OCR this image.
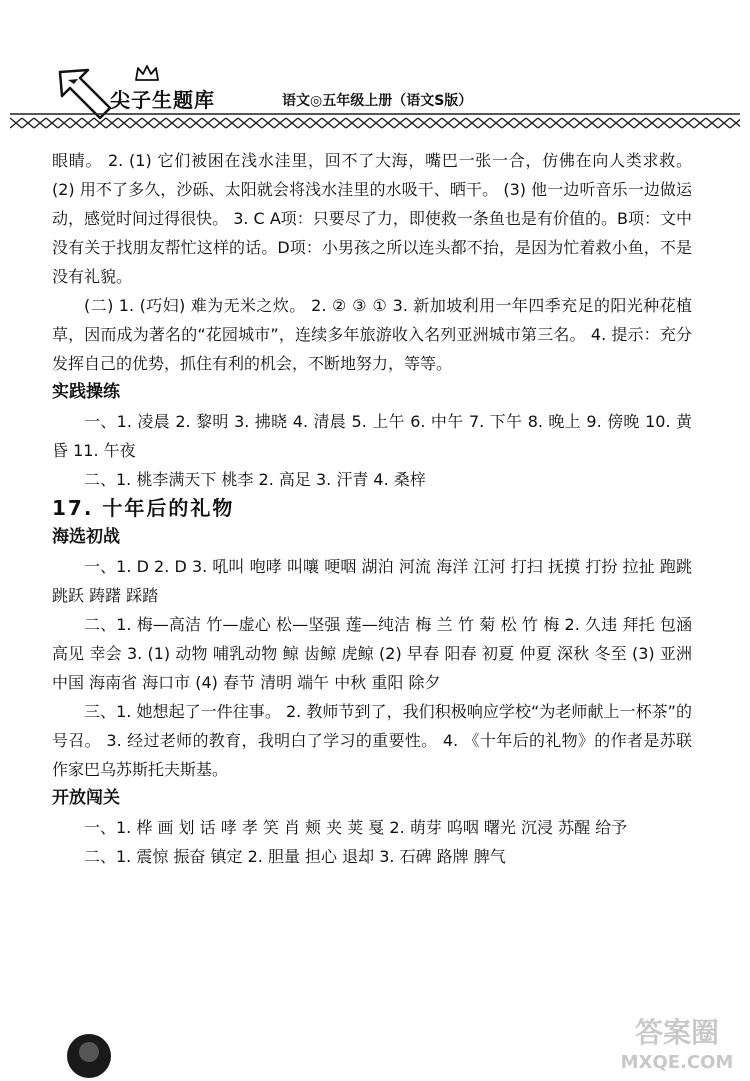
尖子生题库	语文◎五年级上册（语文S版）

眼睛。 2. (1) 它们被困在浅水洼里，回不了大海，嘴巴一张一合，仿佛在向人类求救。 (2) 用不了多久，沙砾、太阳就会将浅水洼里的水吸干、晒干。 (3) 他一边听音乐一边做运动，感觉时间过得很快。 3. C A项：只要尽了力，即使救一条鱼也是有价值的。B项：文中没有关于找朋友帮忙这样的话。D项：小男孩之所以连头都不抬，是因为忙着救小鱼，不是没有礼貌。

(二) 1. (巧妇) 难为无米之炊。 2. ② ③ ① 3. 新加坡利用一年四季充足的阳光种花植草，因而成为著名的“花园城市”，连续多年旅游收入名列亚洲城市第三名。 4. 提示：充分发挥自己的优势，抓住有利的机会，不断地努力，等等。

实践操练

一、1. 凌晨 2. 黎明 3. 拂晓 4. 清晨 5. 上午 6. 中午 7. 下午 8. 晚上 9. 傍晚 10. 黄昏 11. 午夜

二、1. 桃李满天下 桃李 2. 高足 3. 汗青 4. 桑梓

17. 十年后的礼物

海选初战

一、1. D 2. D 3. 吼叫 咆哮 叫嚷 哽咽 湖泊 河流 海洋 江河 打扫 抚摸 打扮 拉扯 跑跳 跳跃 踌躇 踩踏

二、1. 梅—高洁 竹—虚心 松—坚强 莲—纯洁 梅 兰 竹 菊 松 竹 梅 2. 久违 拜托 包涵 高见 幸会 3. (1) 动物 哺乳动物 鲸 齿鲸 虎鲸 (2) 早春 阳春 初夏 仲夏 深秋 冬至 (3) 亚洲 中国 海南省 海口市 (4) 春节 清明 端午 中秋 重阳 除夕

三、1. 她想起了一件往事。 2. 教师节到了，我们积极响应学校“为老师献上一杯茶”的号召。 3. 经过老师的教育，我明白了学习的重要性。 4. 《十年后的礼物》的作者是苏联作家巴乌苏斯托夫斯基。

开放闯关

一、1. 桦 画 划 话 哮 孝 笑 肖 颊 夹 荚 戛 2. 萌芽 呜咽 曙光 沉浸 苏醒 给予

二、1. 震惊 振奋 镇定 2. 胆量 担心 退却 3. 石碑 路牌 脾气

答案圈
MXQE.COM
